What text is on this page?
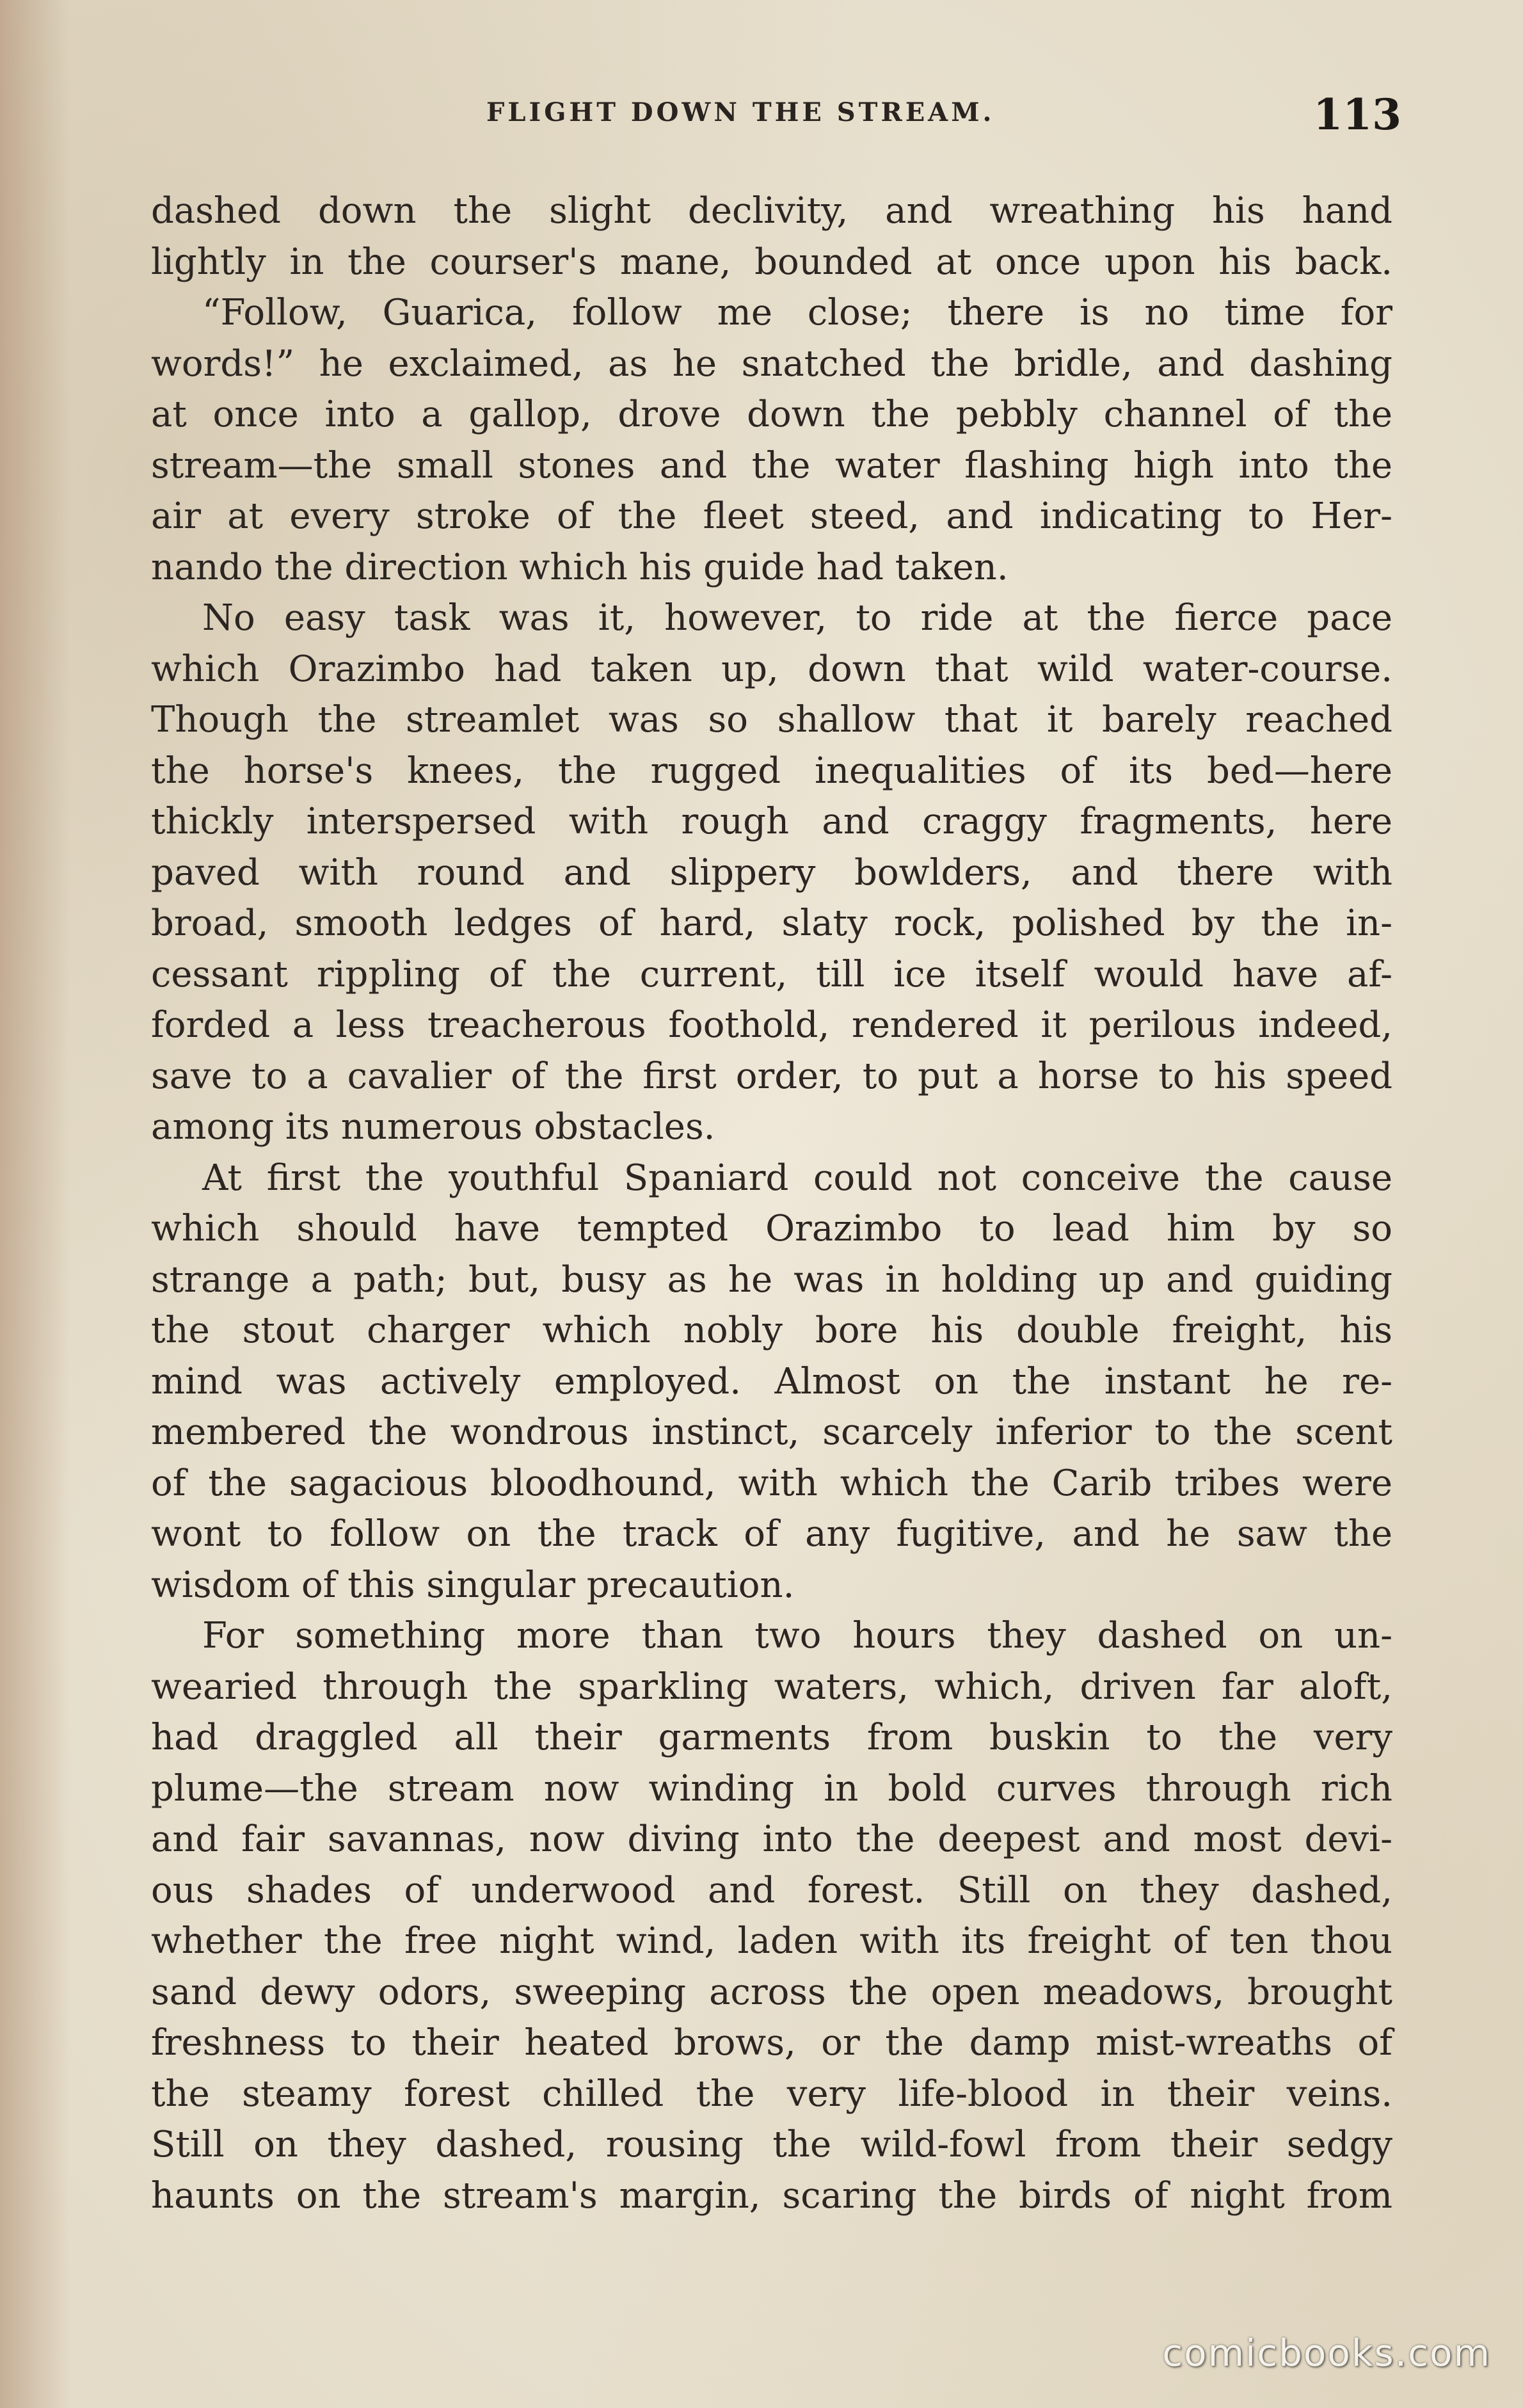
FLIGHT DOWN THE STREAM.	113
dashed down the slight declivity, and wreathing his hand
lightly in the courser's mane, bounded at once upon his back.
“Follow, Guarica, follow me close; there is no time for
words!” he exclaimed, as he snatched the bridle, and dashing
at once into a gallop, drove down the pebbly channel of the
stream—the small stones and the water flashing high into the
air at every stroke of the fleet steed, and indicating to Her-
nando the direction which his guide had taken.
No easy task was it, however, to ride at the fierce pace
which Orazimbo had taken up, down that wild water-course.
Though the streamlet was so shallow that it barely reached
the horse's knees, the rugged inequalities of its bed—here
thickly interspersed with rough and craggy fragments, here
paved with round and slippery bowlders, and there with
broad, smooth ledges of hard, slaty rock, polished by the in-
cessant rippling of the current, till ice itself would have af-
forded a less treacherous foothold, rendered it perilous indeed,
save to a cavalier of the first order, to put a horse to his speed
among its numerous obstacles.
At first the youthful Spaniard could not conceive the cause
which should have tempted Orazimbo to lead him by so
strange a path; but, busy as he was in holding up and guiding
the stout charger which nobly bore his double freight, his
mind was actively employed. Almost on the instant he re-
membered the wondrous instinct, scarcely inferior to the scent
of the sagacious bloodhound, with which the Carib tribes were
wont to follow on the track of any fugitive, and he saw the
wisdom of this singular precaution.
For something more than two hours they dashed on un-
wearied through the sparkling waters, which, driven far aloft,
had draggled all their garments from buskin to the very
plume—the stream now winding in bold curves through rich
and fair savannas, now diving into the deepest and most devi-
ous shades of underwood and forest. Still on they dashed,
whether the free night wind, laden with its freight of ten thou
sand dewy odors, sweeping across the open meadows, brought
freshness to their heated brows, or the damp mist-wreaths of
the steamy forest chilled the very life-blood in their veins.
Still on they dashed, rousing the wild-fowl from their sedgy
haunts on the stream's margin, scaring the birds of night from
comicbooks.com
